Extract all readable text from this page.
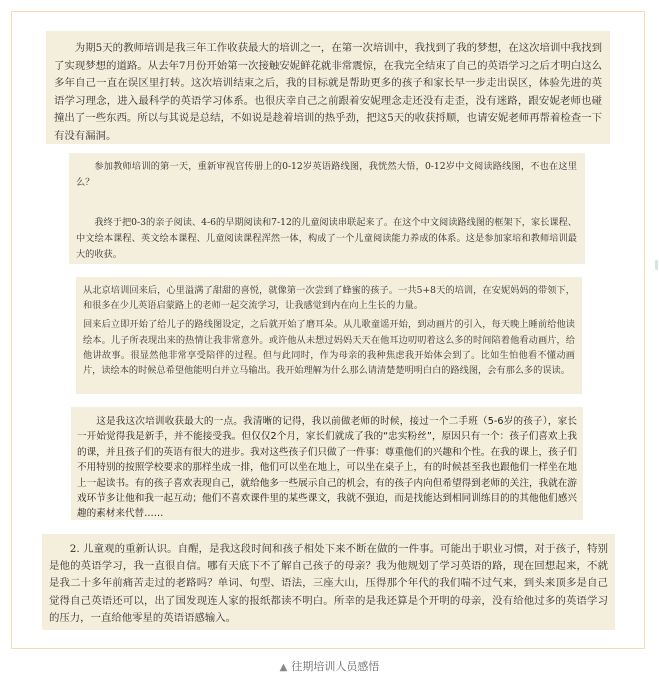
为期5天的教师培训是我三年工作收获最大的培训之一，在第一次培训中，我找到了我的梦想，在这次培训中我找到了实现梦想的道路。从去年7月份开始第一次接触安妮鲜花就非常震惊，在我完全结束了自己的英语学习之后才明白这么多年自己一直在误区里打转。这次培训结束之后，我的目标就是帮助更多的孩子和家长早一步走出误区，体验先进的英语学习理念，进入最科学的英语学习体系。也很庆幸自己之前跟着安妮理念走还没有走歪，没有迷路，跟安妮老师也碰撞出了一些东西。所以与其说是总结，不如说是趁着培训的热乎劲，把这5天的收获捋顺，也请安妮老师再帮着检查一下有没有漏洞。

参加教师培训的第一天，重新审视官传册上的0-12岁英语路线图，我恍然大悟，0-12岁中文阅读路线图，不也在这里么？

我终于把0-3的亲子阅读、4-6的早期阅读和7-12的儿童阅读串联起来了。在这个中文阅读路线图的框架下，家长课程、中文绘本课程、英文绘本课程、儿童阅读课程浑然一体，构成了一个儿童阅读能力养成的体系。这是参加家培和教师培训最大的收获。

从北京培训回来后，心里溢满了甜甜的喜悦，就像第一次尝到了蜂蜜的孩子。一共5+8天的培训，在安妮妈妈的带领下，和很多在少儿英语启蒙路上的老师一起交流学习，让我感觉到内在向上生长的力量。

回来后立即开始了给儿子的路线图设定，之后就开始了磨耳朵。从儿歌童谣开始，到动画片的引入，每天晚上睡前给他读绘本。儿子所表现出来的热情让我非常意外。或许他从未想过妈妈天天在他耳边叨叨着这么多的时间陪着他看动画片，给他讲故事。很显然他非常享受陪伴的过程。但与此同时，作为母亲的我种焦虑我开始体会到了。比如生怕他看不懂动画片，读绘本的时候总希望他能明白并立马输出。我开始理解为什么那么请清楚楚明明白白的路线图，会有那么多的误读。

这是我这次培训收获最大的一点。我清晰的记得，我以前做老师的时候，接过一个二手班（5-6岁的孩子），家长一开始觉得我是新手，并不能接受我。但仅仅2个月，家长们就成了我的“忠实粉丝”，原因只有一个：孩子们喜欢上我的课，并且孩子们的英语有很大的进步。我对这些孩子们只做了一件事：尊重他们的兴趣和个性。在我的课上，孩子们不用特别的按照学校要求的那样坐成一排，他们可以坐在地上，可以坐在桌子上，有的时候甚至我也跟他们一样坐在地上一起读书。有的孩子喜欢表现自己，就给他多一些展示自己的机会，有的孩子内向但希望得到老师的关注，我就在游戏环节多让他和我一起互动；他们不喜欢课件里的某些课文，我就不强迫，而是找能达到相同训练目的的其他他们感兴趣的素材来代替……

2. 儿童观的重新认识。自醒，是我这段时间和孩子相处下来不断在做的一件事。可能出于职业习惯，对于孩子，特别是他的英语学习，我一直很自信。哪有天底下不了解自己孩子的母亲？我为他规划了学习英语的路，现在回想起来，不就是我二十多年前痛苦走过的老路吗？单词、句型、语法，三座大山，压得那个年代的我们喘不过气来，到头来顶多是自己觉得自己英语还可以，出了国发现连人家的报纸都读不明白。所幸的是我还算是个开明的母亲，没有给他过多的英语学习的压力，一直给他零星的英语语感输入。

▲ 往期培训人员感悟
